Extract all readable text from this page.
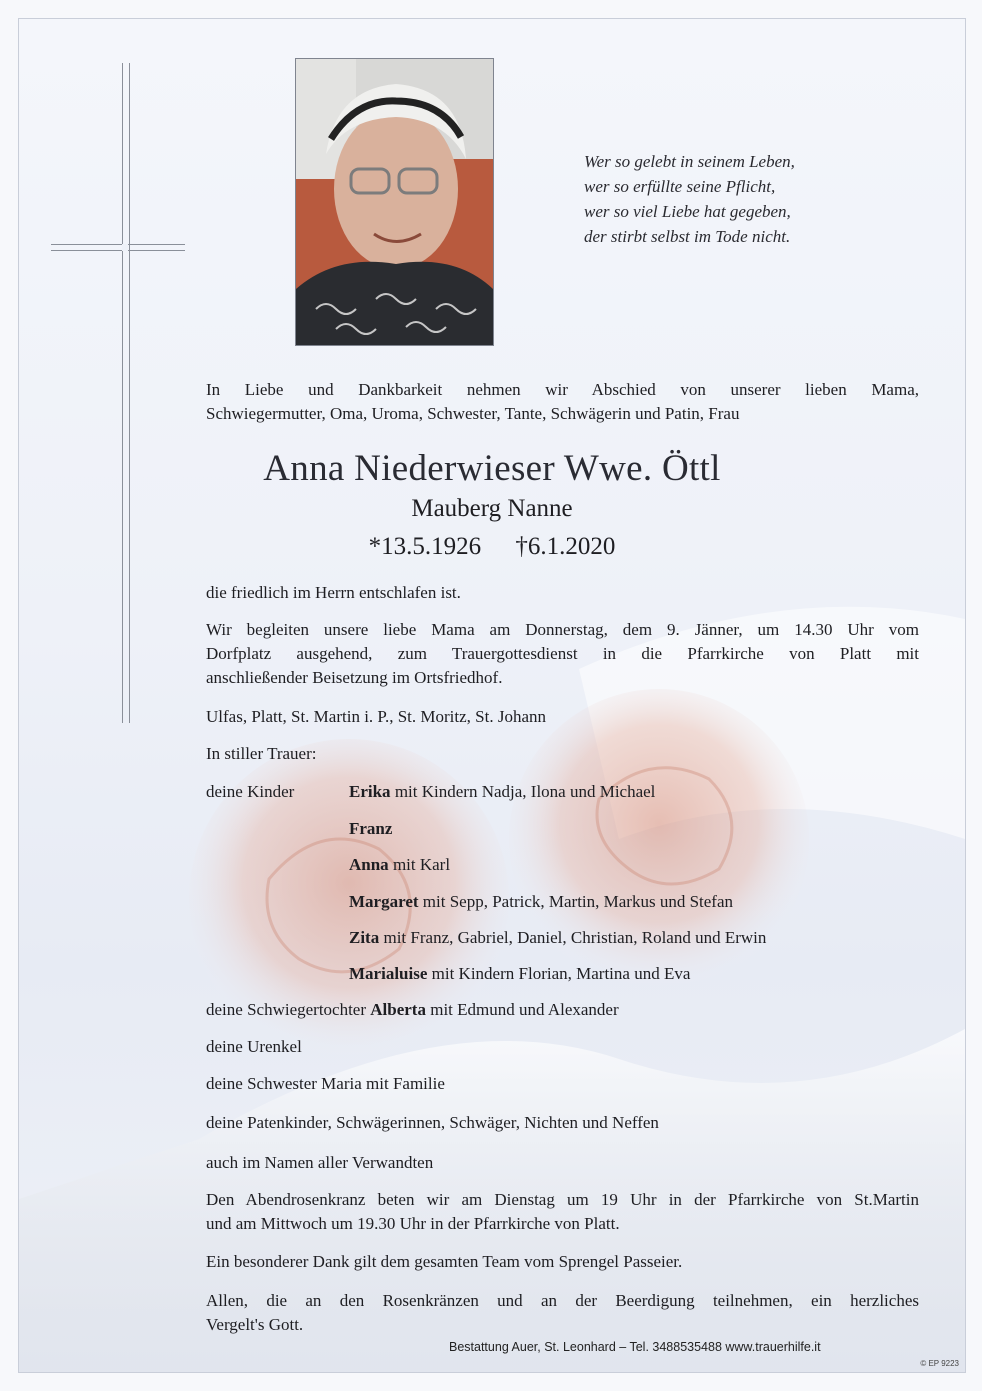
Wer so gelebt in seinem Leben,
wer so erfüllte seine Pflicht,
wer so viel Liebe hat gegeben,
der stirbt selbst im Tode nicht.
In Liebe und Dankbarkeit nehmen wir Abschied von unserer lieben Mama,
Schwiegermutter, Oma, Uroma, Schwester, Tante, Schwägerin und Patin, Frau
Anna Niederwieser Wwe. Öttl
Mauberg Nanne
*13.5.1926 †6.1.2020
die friedlich im Herrn entschlafen ist.
Wir begleiten unsere liebe Mama am Donnerstag, dem 9. Jänner, um 14.30 Uhr vom
Dorfplatz ausgehend, zum Trauergottesdienst in die Pfarrkirche von Platt mit
anschließender Beisetzung im Ortsfriedhof.
Ulfas, Platt, St. Martin i. P., St. Moritz, St. Johann
In stiller Trauer:
deine Kinder	Erika mit Kindern Nadja, Ilona und Michael
Franz
Anna mit Karl
Margaret mit Sepp, Patrick, Martin, Markus und Stefan
Zita mit Franz, Gabriel, Daniel, Christian, Roland und Erwin
Marialuise mit Kindern Florian, Martina und Eva
deine Schwiegertochter Alberta mit Edmund und Alexander
deine Urenkel
deine Schwester Maria mit Familie
deine Patenkinder, Schwägerinnen, Schwäger, Nichten und Neffen
auch im Namen aller Verwandten
Den Abendrosenkranz beten wir am Dienstag um 19 Uhr in der Pfarrkirche von St.Martin
und am Mittwoch um 19.30 Uhr in der Pfarrkirche von Platt.
Ein besonderer Dank gilt dem gesamten Team vom Sprengel Passeier.
Allen, die an den Rosenkränzen und an der Beerdigung teilnehmen, ein herzliches
Vergelt's Gott.
Bestattung Auer, St. Leonhard – Tel. 3488535488 www.trauerhilfe.it
© EP 9223
